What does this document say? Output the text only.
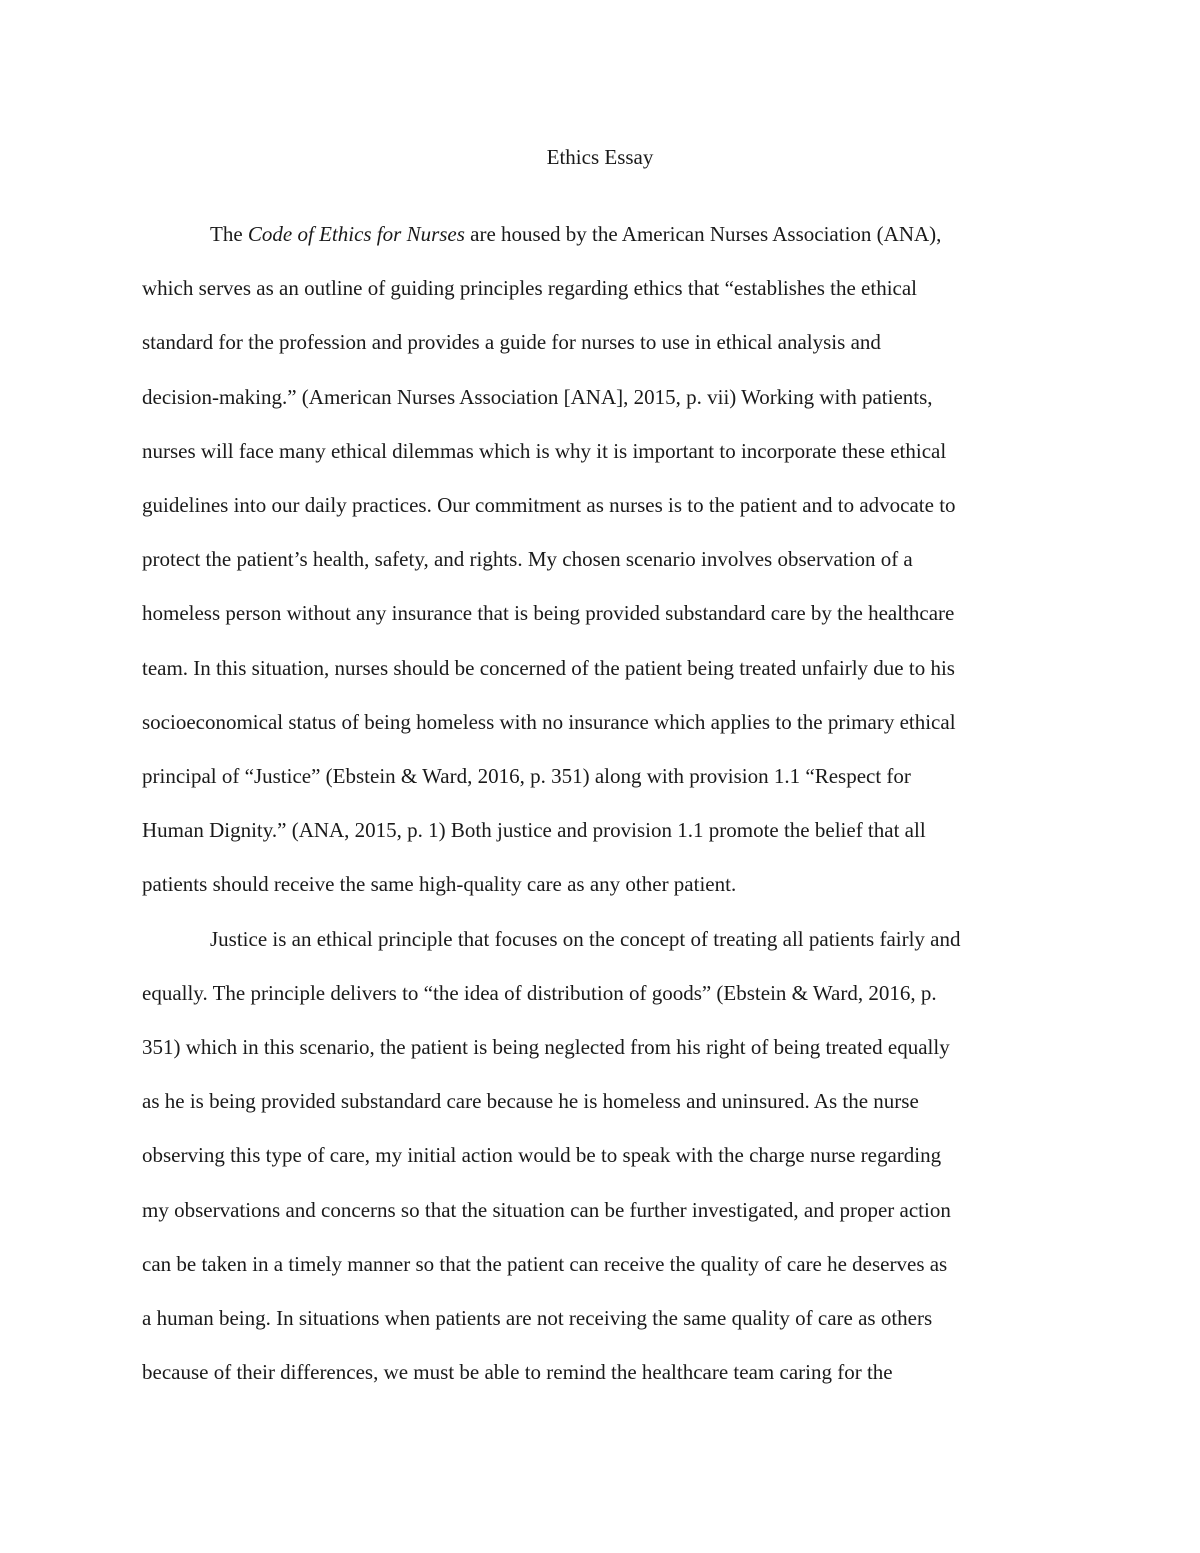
Ethics Essay
The Code of Ethics for Nurses are housed by the American Nurses Association (ANA),
which serves as an outline of guiding principles regarding ethics that “establishes the ethical
standard for the profession and provides a guide for nurses to use in ethical analysis and
decision-making.” (American Nurses Association [ANA], 2015, p. vii) Working with patients,
nurses will face many ethical dilemmas which is why it is important to incorporate these ethical
guidelines into our daily practices. Our commitment as nurses is to the patient and to advocate to
protect the patient’s health, safety, and rights. My chosen scenario involves observation of a
homeless person without any insurance that is being provided substandard care by the healthcare
team. In this situation, nurses should be concerned of the patient being treated unfairly due to his
socioeconomical status of being homeless with no insurance which applies to the primary ethical
principal of “Justice” (Ebstein & Ward, 2016, p. 351) along with provision 1.1 “Respect for
Human Dignity.” (ANA, 2015, p. 1) Both justice and provision 1.1 promote the belief that all
patients should receive the same high-quality care as any other patient.
Justice is an ethical principle that focuses on the concept of treating all patients fairly and
equally. The principle delivers to “the idea of distribution of goods” (Ebstein & Ward, 2016, p.
351) which in this scenario, the patient is being neglected from his right of being treated equally
as he is being provided substandard care because he is homeless and uninsured. As the nurse
observing this type of care, my initial action would be to speak with the charge nurse regarding
my observations and concerns so that the situation can be further investigated, and proper action
can be taken in a timely manner so that the patient can receive the quality of care he deserves as
a human being. In situations when patients are not receiving the same quality of care as others
because of their differences, we must be able to remind the healthcare team caring for the
